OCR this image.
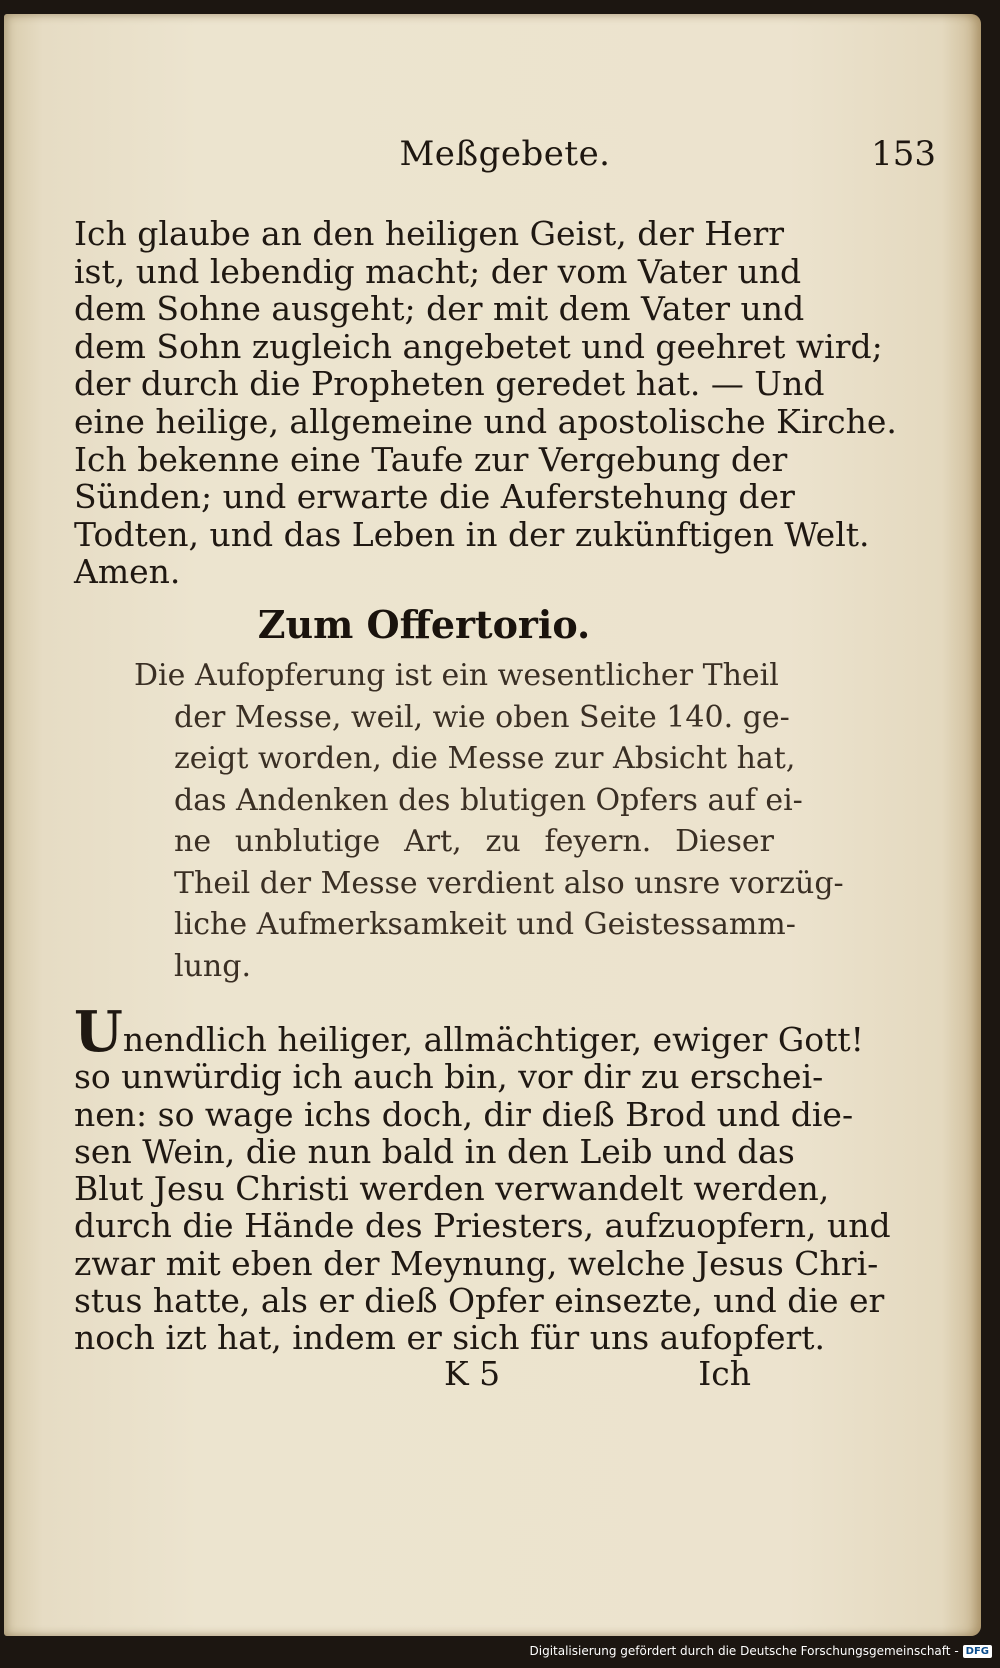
Meßgebete.	153
Ich glaube an den heiligen Geist, der Herr
ist, und lebendig macht; der vom Vater und
dem Sohne ausgeht; der mit dem Vater und
dem Sohn zugleich angebetet und geehret wird;
der durch die Propheten geredet hat. — Und
eine heilige, allgemeine und apostolische Kirche.
Ich bekenne eine Taufe zur Vergebung der
Sünden; und erwarte die Auferstehung der
Todten, und das Leben in der zukünftigen Welt.
Amen.
Zum Offertorio.
Die Aufopferung ist ein wesentlicher Theil
der Messe, weil, wie oben Seite 140. ge-
zeigt worden, die Messe zur Absicht hat,
das Andenken des blutigen Opfers auf ei-
ne unblutige Art, zu feyern. Dieser
Theil der Messe verdient also unsre vorzüg-
liche Aufmerksamkeit und Geistessamm-
lung.
Unendlich heiliger, allmächtiger, ewiger Gott!
so unwürdig ich auch bin, vor dir zu erschei-
nen: so wage ichs doch, dir dieß Brod und die-
sen Wein, die nun bald in den Leib und das
Blut Jesu Christi werden verwandelt werden,
durch die Hände des Priesters, aufzuopfern, und
zwar mit eben der Meynung, welche Jesus Chri-
stus hatte, als er dieß Opfer einsezte, und die er
noch izt hat, indem er sich für uns aufopfert.
K 5	Ich
Digitalisierung gefördert durch die Deutsche Forschungsgemeinschaft - DFG
